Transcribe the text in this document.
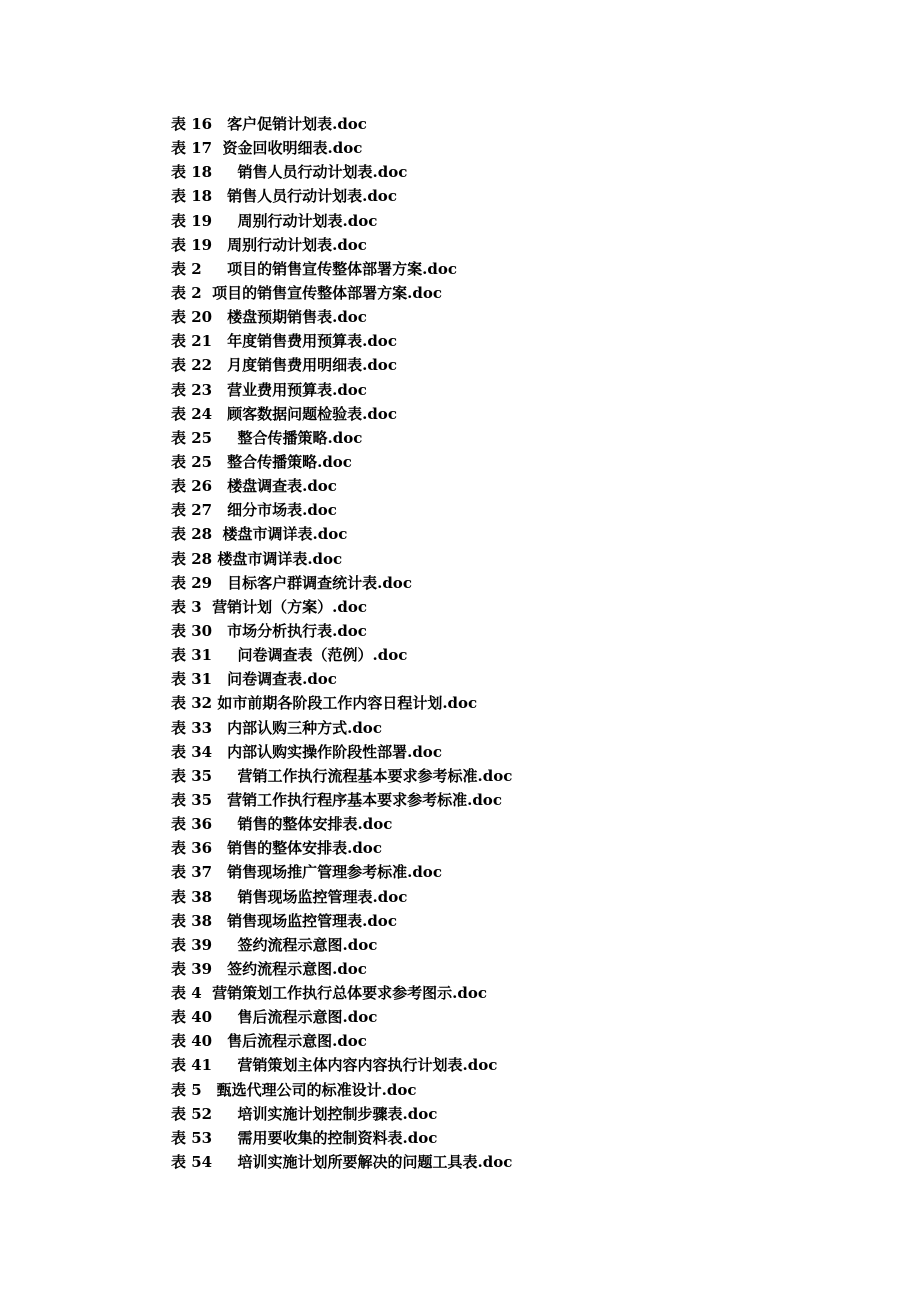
表 16　客户促销计划表.doc
表 17  资金回收明细表.doc
表 18　  销售人员行动计划表.doc
表 18　销售人员行动计划表.doc
表 19　  周别行动计划表.doc
表 19　周别行动计划表.doc
表 2　  项目的销售宣传整体部署方案.doc
表 2  项目的销售宣传整体部署方案.doc
表 20　楼盘预期销售表.doc
表 21　年度销售费用预算表.doc
表 22　月度销售费用明细表.doc
表 23　营业费用预算表.doc
表 24　顾客数据问题检验表.doc
表 25　  整合传播策略.doc
表 25　整合传播策略.doc
表 26　楼盘调查表.doc
表 27　细分市场表.doc
表 28  楼盘市调详表.doc
表 28 楼盘市调详表.doc
表 29　目标客户群调查统计表.doc
表 3  营销计划（方案）.doc
表 30　市场分析执行表.doc
表 31　  问卷调查表（范例）.doc
表 31　问卷调查表.doc
表 32 如市前期各阶段工作内容日程计划.doc
表 33　内部认购三种方式.doc
表 34　内部认购实操作阶段性部署.doc
表 35　  营销工作执行流程基本要求参考标准.doc
表 35　营销工作执行程序基本要求参考标准.doc
表 36　  销售的整体安排表.doc
表 36　销售的整体安排表.doc
表 37　销售现场推广管理参考标准.doc
表 38　  销售现场监控管理表.doc
表 38　销售现场监控管理表.doc
表 39　  签约流程示意图.doc
表 39　签约流程示意图.doc
表 4  营销策划工作执行总体要求参考图示.doc
表 40　  售后流程示意图.doc
表 40　售后流程示意图.doc
表 41　  营销策划主体内容内容执行计划表.doc
表 5　甄选代理公司的标准设计.doc
表 52　  培训实施计划控制步骤表.doc
表 53　  需用要收集的控制资料表.doc
表 54　  培训实施计划所要解决的问题工具表.doc
